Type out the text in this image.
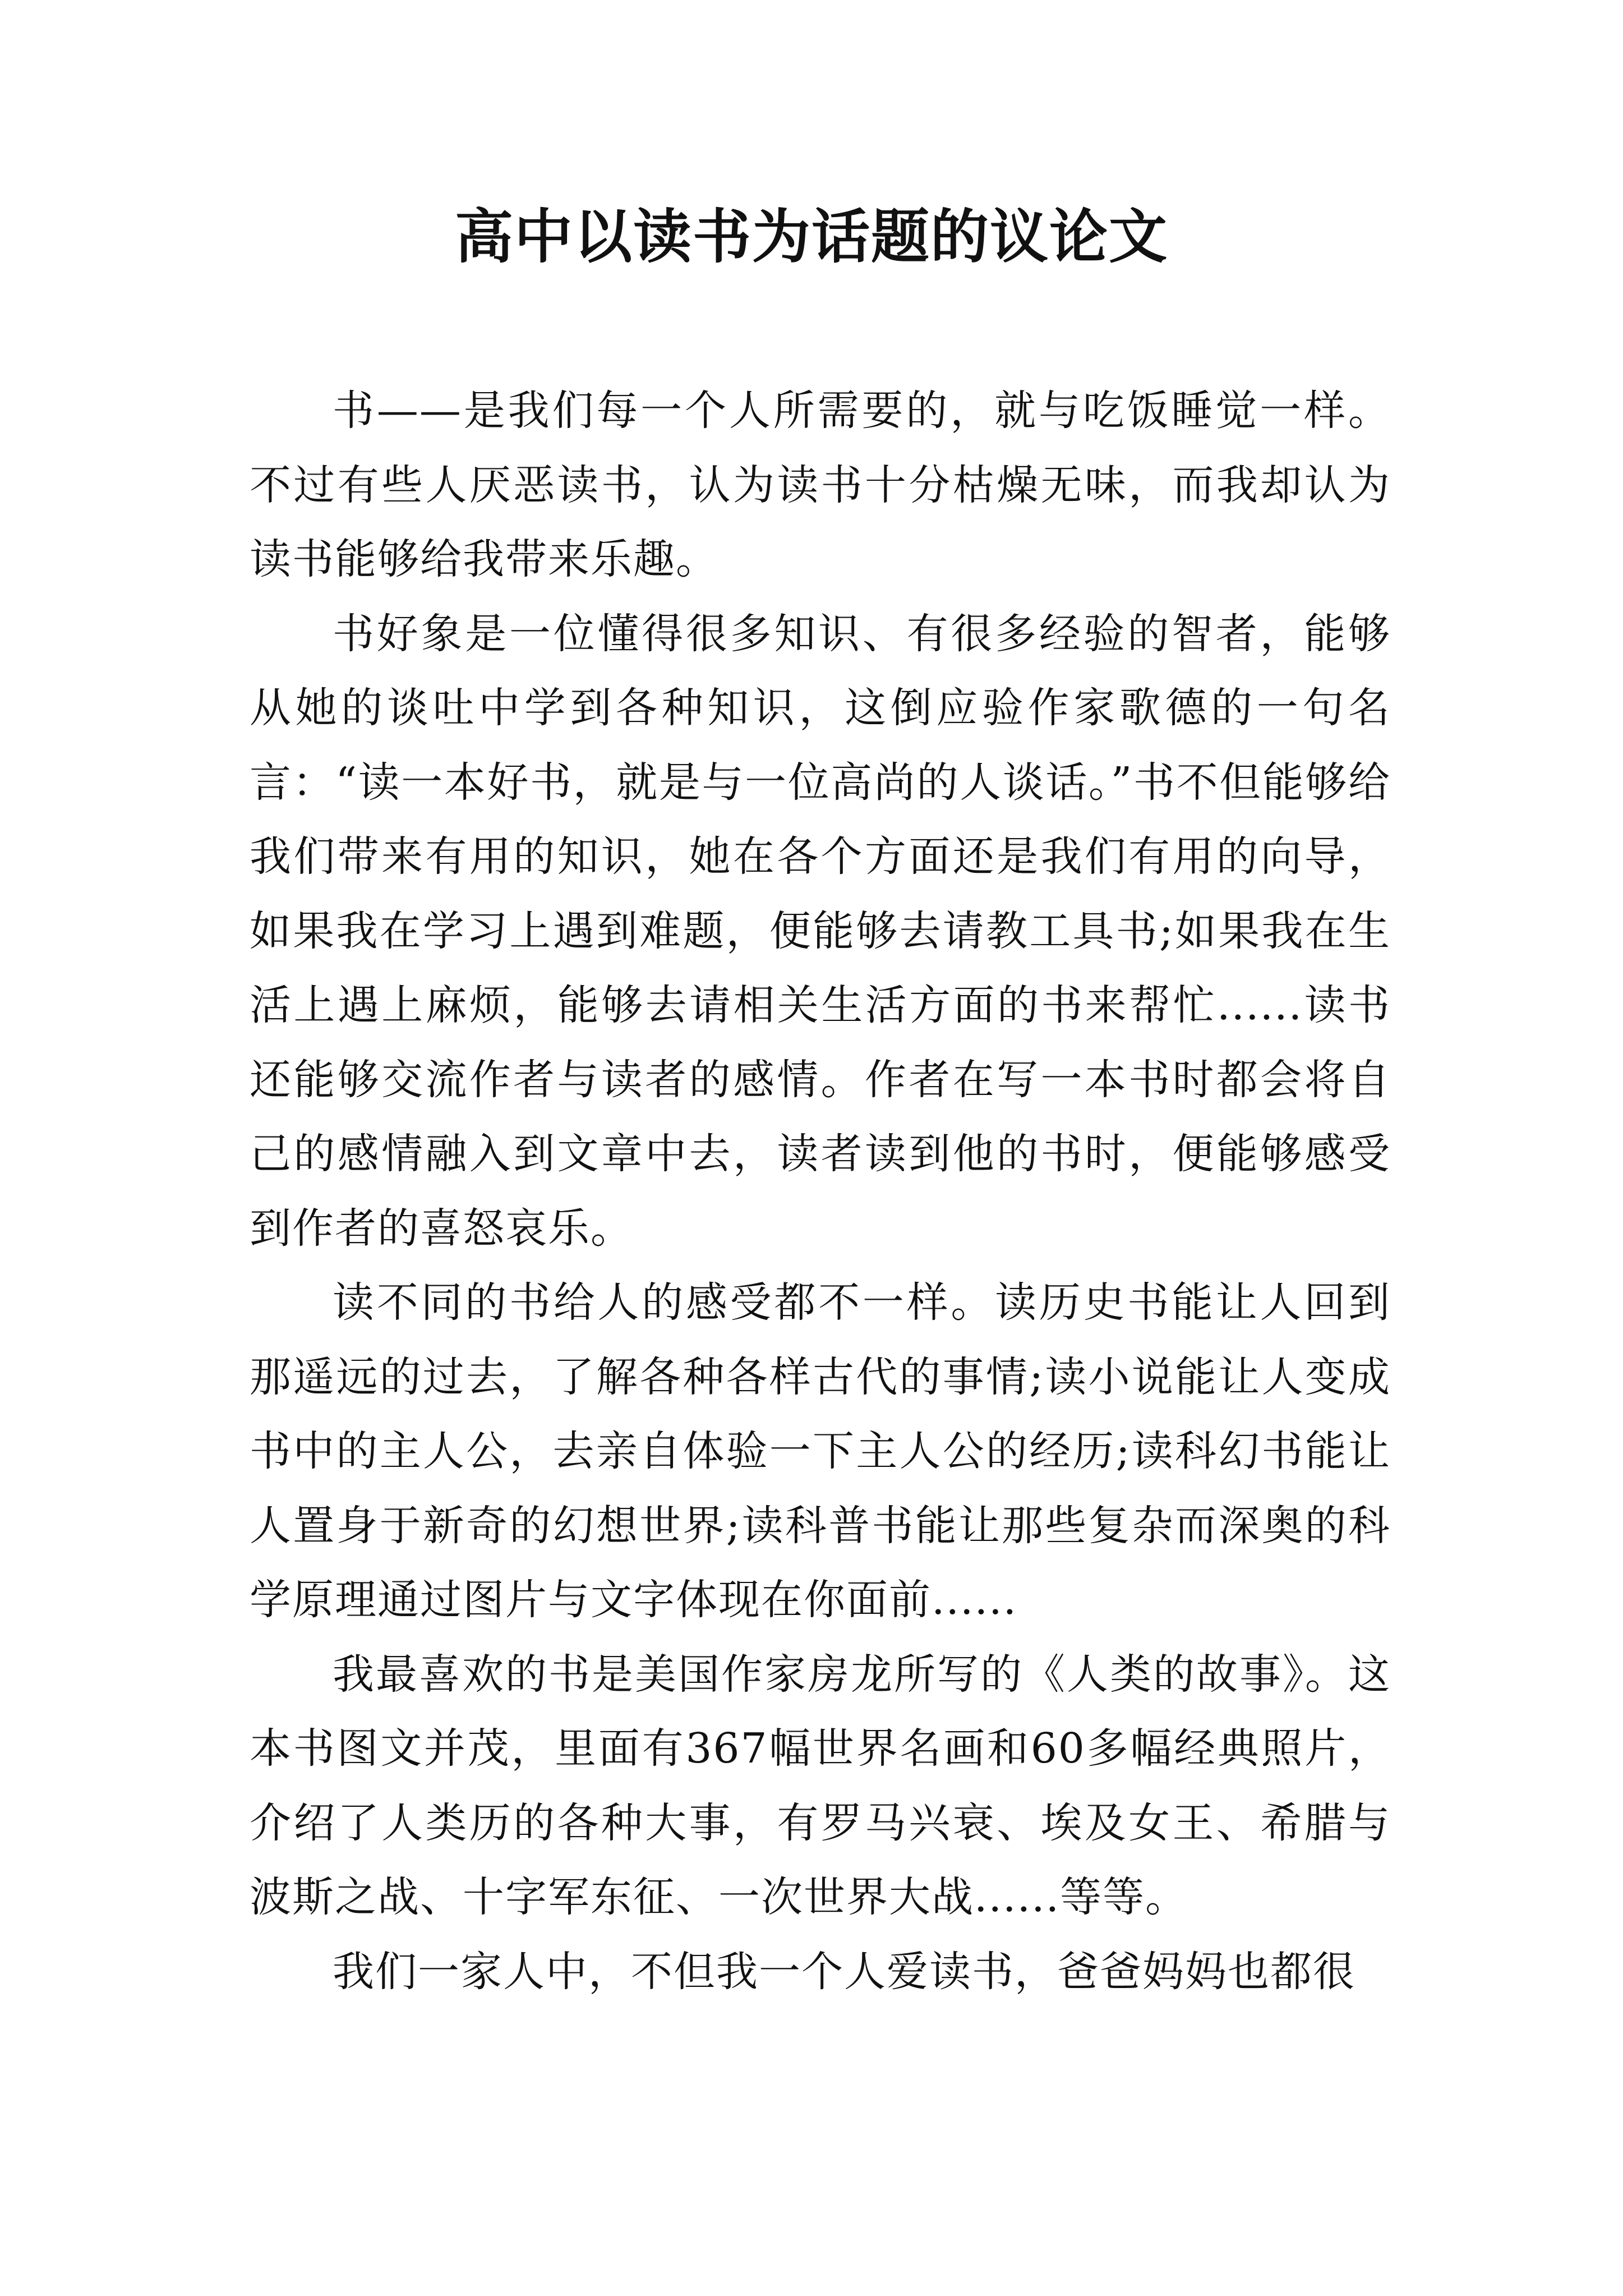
高中以读书为话题的议论文

书——是我们每一个人所需要的，就与吃饭睡觉一样。不过有些人厌恶读书，认为读书十分枯燥无味，而我却认为读书能够给我带来乐趣。

书好象是一位懂得很多知识、有很多经验的智者，能够从她的谈吐中学到各种知识，这倒应验作家歌德的一句名言：“读一本好书，就是与一位高尚的人谈话。”书不但能够给我们带来有用的知识，她在各个方面还是我们有用的向导，如果我在学习上遇到难题，便能够去请教工具书;如果我在生活上遇上麻烦，能够去请相关生活方面的书来帮忙......读书还能够交流作者与读者的感情。作者在写一本书时都会将自己的感情融入到文章中去，读者读到他的书时，便能够感受到作者的喜怒哀乐。

读不同的书给人的感受都不一样。读历史书能让人回到那遥远的过去，了解各种各样古代的事情;读小说能让人变成书中的主人公，去亲自体验一下主人公的经历;读科幻书能让人置身于新奇的幻想世界;读科普书能让那些复杂而深奥的科学原理通过图片与文字体现在你面前......

我最喜欢的书是美国作家房龙所写的《人类的故事》。这本书图文并茂，里面有367幅世界名画和60多幅经典照片，介绍了人类历的各种大事，有罗马兴衰、埃及女王、希腊与波斯之战、十字军东征、一次世界大战......等等。

我们一家人中，不但我一个人爱读书，爸爸妈妈也都很
